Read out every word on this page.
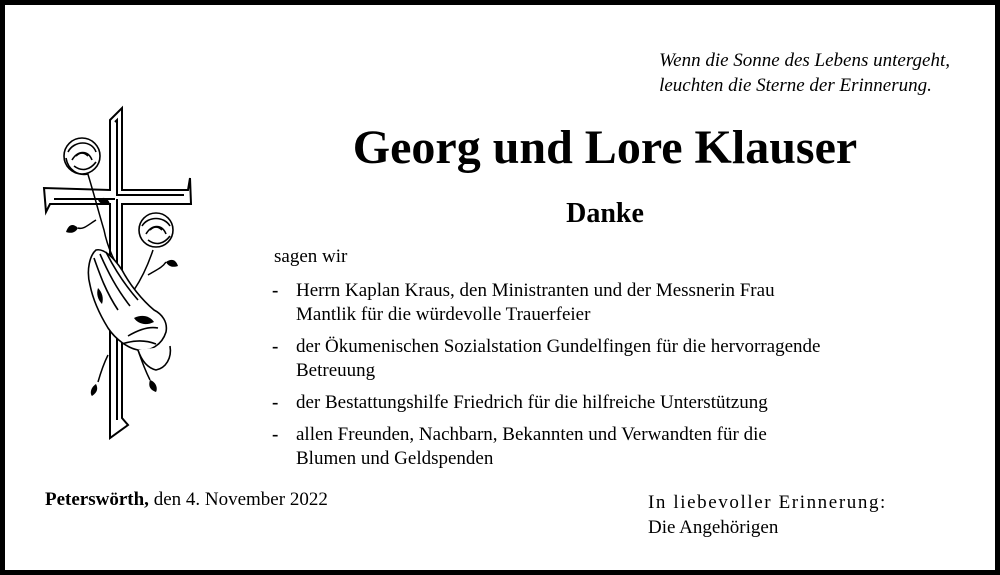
Wenn die Sonne des Lebens untergeht,
leuchten die Sterne der Erinnerung.
Georg und Lore Klauser
Danke
sagen wir
- Herrn Kaplan Kraus, den Ministranten und der Messnerin Frau
Mantlik für die würdevolle Trauerfeier
- der Ökumenischen Sozialstation Gundelfingen für die hervorragende
Betreuung
- der Bestattungshilfe Friedrich für die hilfreiche Unterstützung
- allen Freunden, Nachbarn, Bekannten und Verwandten für die
Blumen und Geldspenden
Peterswörth, den 4. November 2022	In liebevoller Erinnerung:
Die Angehörigen
